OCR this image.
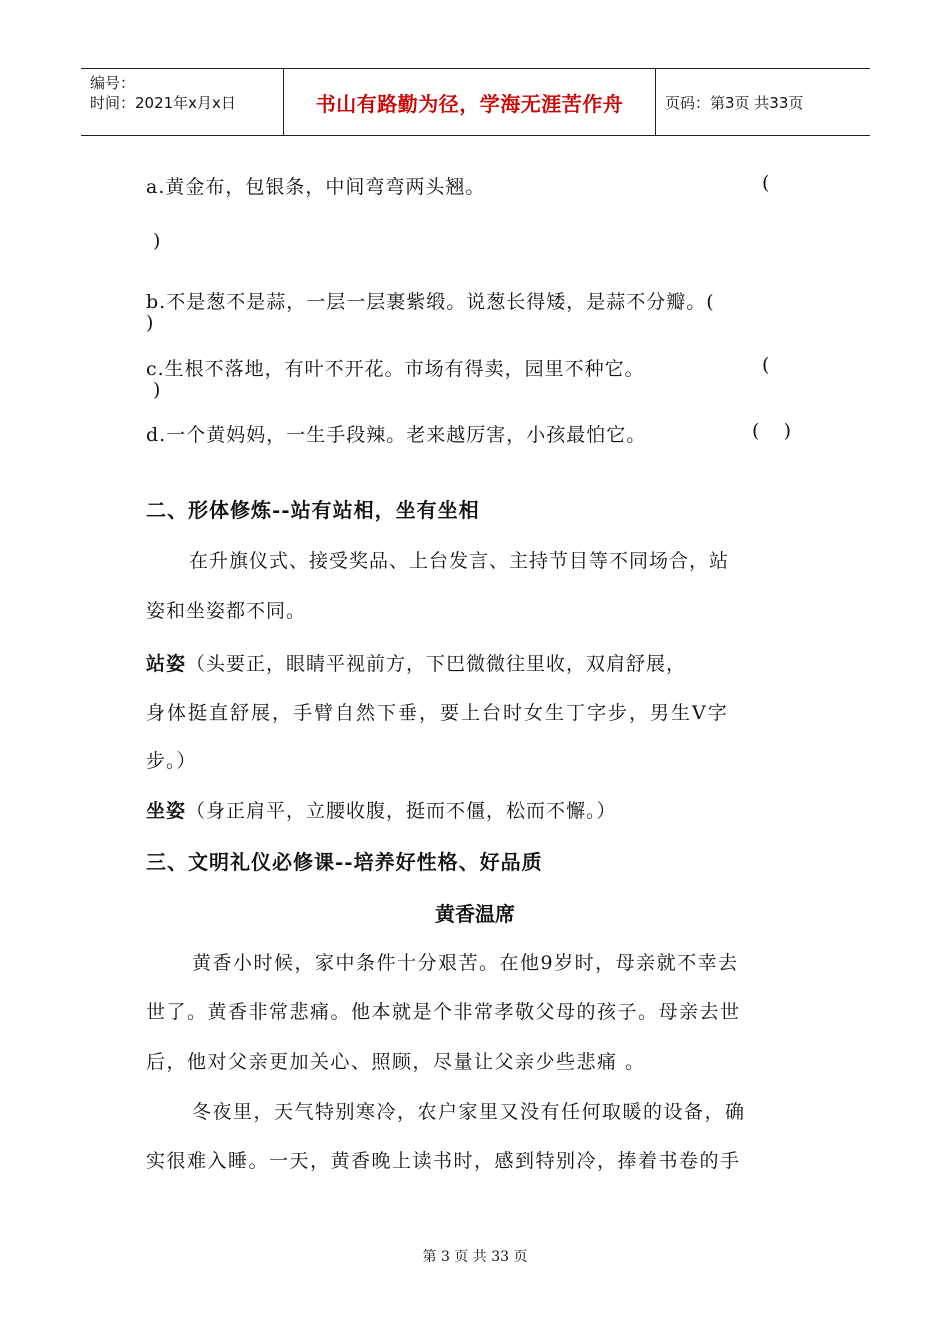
编号：
时间：2021年x月x日	书山有路勤为径，学海无涯苦作舟	页码：第3页 共33页
a.黄金布，包银条，中间弯弯两头翘。	(
)
b.不是葱不是蒜，一层一层裹紫缎。说葱长得矮，是蒜不分瓣。(
)
c.生根不落地，有叶不开花。市场有得卖，园里不种它。	(
)
d.一个黄妈妈，一生手段辣。老来越厉害，小孩最怕它。	(    )
二、形体修炼--站有站相，坐有坐相
在升旗仪式、接受奖品、上台发言、主持节目等不同场合，站
姿和坐姿都不同。
站姿（头要正，眼睛平视前方，下巴微微往里收，双肩舒展，
身体挺直舒展，手臂自然下垂，要上台时女生丁字步，男生V字
步。）
坐姿（身正肩平，立腰收腹，挺而不僵，松而不懈。）
三、文明礼仪必修课--培养好性格、好品质
黄香温席
黄香小时候，家中条件十分艰苦。在他9岁时，母亲就不幸去
世了。黄香非常悲痛。他本就是个非常孝敬父母的孩子。母亲去世
后，他对父亲更加关心、照顾，尽量让父亲少些悲痛 。
冬夜里，天气特别寒冷，农户家里又没有任何取暖的设备，确
实很难入睡。一天，黄香晚上读书时，感到特别冷，捧着书卷的手
第 3 页 共 33 页
